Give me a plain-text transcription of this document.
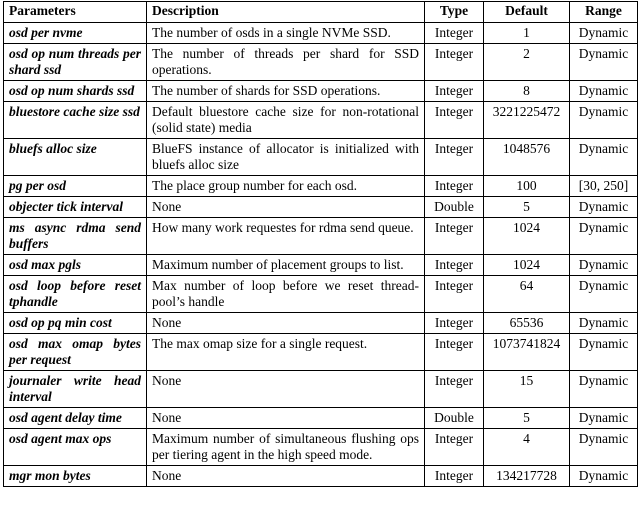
Parameters	Description	Type	Default	Range
osd per nvme	The number of osds in a single NVMe SSD.	Integer	1	Dynamic
osd op num threads per shard ssd	The number of threads per shard for SSD operations.	Integer	2	Dynamic
osd op num shards ssd	The number of shards for SSD operations.	Integer	8	Dynamic
bluestore cache size ssd	Default bluestore cache size for non-rotational (solid state) media	Integer	3221225472	Dynamic
bluefs alloc size	BlueFS instance of allocator is initialized with bluefs alloc size	Integer	1048576	Dynamic
pg per osd	The place group number for each osd.	Integer	100	[30, 250]
objecter tick interval	None	Double	5	Dynamic
ms async rdma send buffers	How many work requestes for rdma send queue.	Integer	1024	Dynamic
osd max pgls	Maximum number of placement groups to list.	Integer	1024	Dynamic
osd loop before reset tphandle	Max number of loop before we reset thread-pool’s handle	Integer	64	Dynamic
osd op pq min cost	None	Integer	65536	Dynamic
osd max omap bytes per request	The max omap size for a single request.	Integer	1073741824	Dynamic
journaler write head interval	None	Integer	15	Dynamic
osd agent delay time	None	Double	5	Dynamic
osd agent max ops	Maximum number of simultaneous flushing ops per tiering agent in the high speed mode.	Integer	4	Dynamic
mgr mon bytes	None	Integer	134217728	Dynamic
